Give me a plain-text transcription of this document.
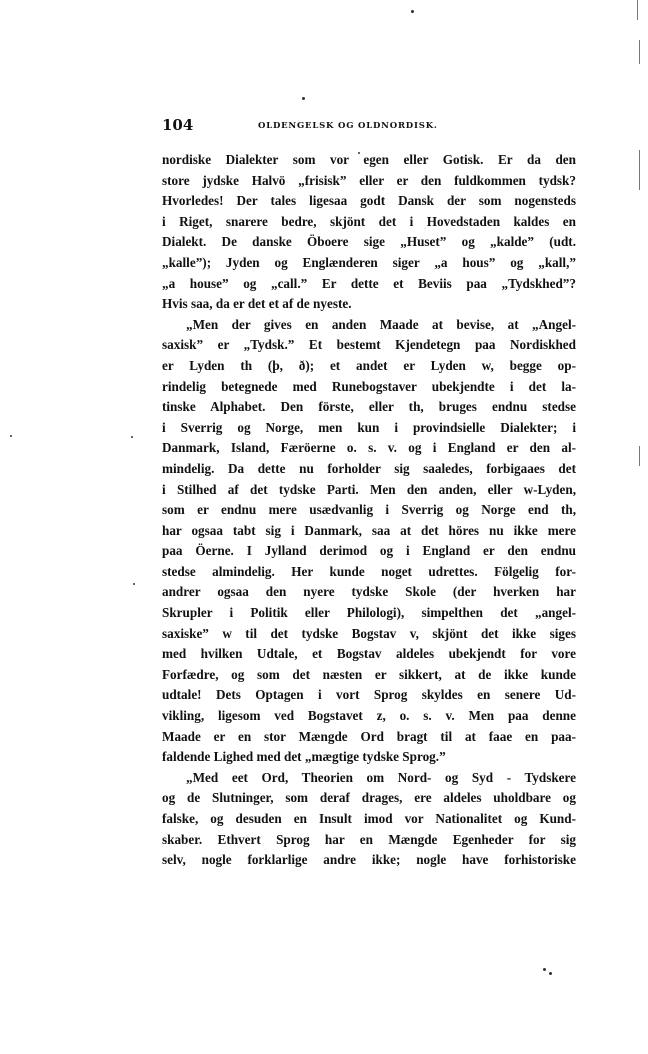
104	OLDENGELSK OG OLDNORDISK.
nordiske Dialekter som vor egen eller Gotisk. Er da den
store jydske Halvö „frisisk” eller er den fuldkommen tydsk?
Hvorledes! Der tales ligesaa godt Dansk der som nogensteds
i Riget, snarere bedre, skjönt det i Hovedstaden kaldes en
Dialekt. De danske Öboere sige „Huset” og „kalde” (udt.
„kalle”); Jyden og Englænderen siger „a hous” og „kall,”
„a house” og „call.” Er dette et Beviis paa „Tydskhed”?
Hvis saa, da er det et af de nyeste.
„Men der gives en anden Maade at bevise, at „Angel-
saxisk” er „Tydsk.” Et bestemt Kjendetegn paa Nordiskhed
er Lyden th (þ, ð); et andet er Lyden w, begge op-
rindelig betegnede med Runebogstaver ubekjendte i det la-
tinske Alphabet. Den förste, eller th, bruges endnu stedse
i Sverrig og Norge, men kun i provindsielle Dialekter; i
Danmark, Island, Færöerne o. s. v. og i England er den al-
mindelig. Da dette nu forholder sig saaledes, forbigaaes det
i Stilhed af det tydske Parti. Men den anden, eller w-Lyden,
som er endnu mere usædvanlig i Sverrig og Norge end th,
har ogsaa tabt sig i Danmark, saa at det höres nu ikke mere
paa Öerne. I Jylland derimod og i England er den endnu
stedse almindelig. Her kunde noget udrettes. Fölgelig for-
andrer ogsaa den nyere tydske Skole (der hverken har
Skrupler i Politik eller Philologi), simpelthen det „angel-
saxiske” w til det tydske Bogstav v, skjönt det ikke siges
med hvilken Udtale, et Bogstav aldeles ubekjendt for vore
Forfædre, og som det næsten er sikkert, at de ikke kunde
udtale! Dets Optagen i vort Sprog skyldes en senere Ud-
vikling, ligesom ved Bogstavet z, o. s. v. Men paa denne
Maade er en stor Mængde Ord bragt til at faae en paa-
faldende Lighed med det „mægtige tydske Sprog.”
„Med eet Ord, Theorien om Nord- og Syd - Tydskere
og de Slutninger, som deraf drages, ere aldeles uholdbare og
falske, og desuden en Insult imod vor Nationalitet og Kund-
skaber. Ethvert Sprog har en Mængde Egenheder for sig
selv, nogle forklarlige andre ikke; nogle have forhistoriske
